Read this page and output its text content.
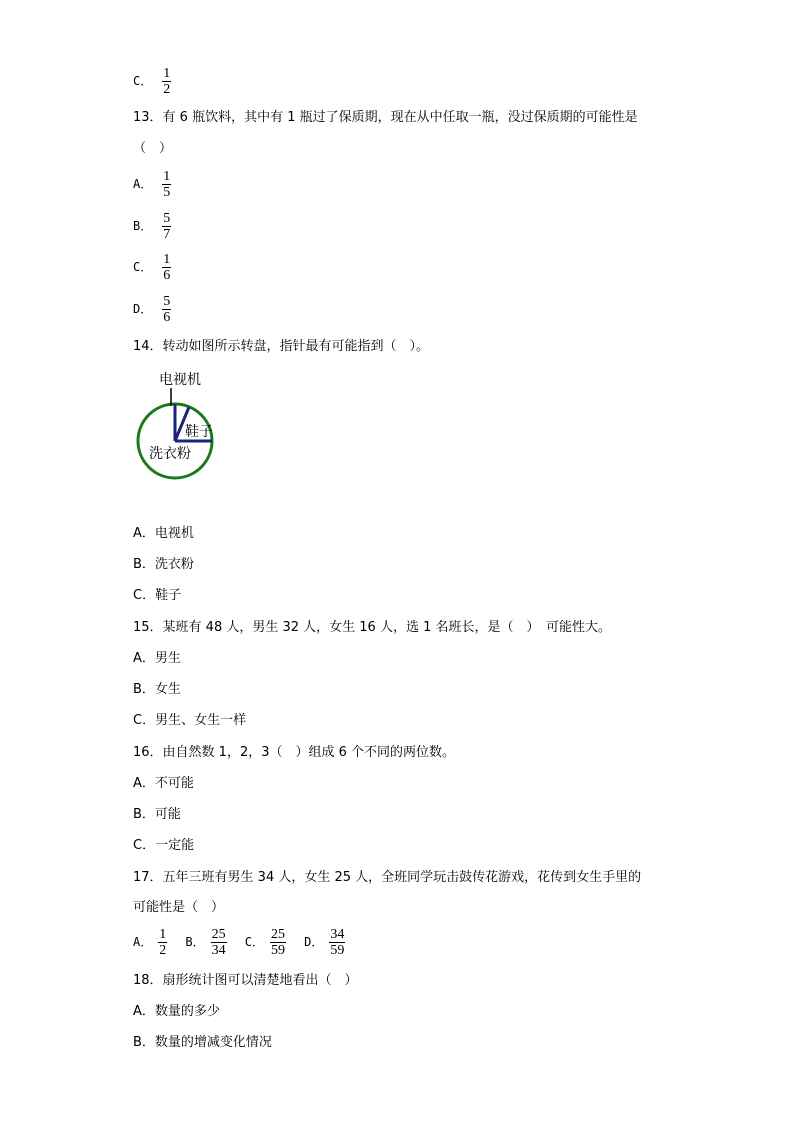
C． $\frac{1}{2}$
13．有 6 瓶饮料，其中有 1 瓶过了保质期，现在从中任取一瓶，没过保质期的可能性是
（　）
A． $\frac{1}{5}$
B． $\frac{5}{7}$
C． $\frac{1}{6}$
D． $\frac{5}{6}$
14．转动如图所示转盘，指针最有可能指到（　）。
电视机
鞋子
洗衣粉
A．电视机
B．洗衣粉
C．鞋子
15．某班有 48 人，男生 32 人，女生 16 人，选 1 名班长，是（　）　可能性大。
A．男生
B．女生
C．男生、女生一样
16．由自然数 1，2，3（　）组成 6 个不同的两位数。
A．不可能
B．可能
C．一定能
17．五年三班有男生 34 人，女生 25 人，全班同学玩击鼓传花游戏，花传到女生手里的
可能性是（　）
A． $\frac{1}{2}$ B． $\frac{25}{34}$ C． $\frac{25}{59}$ D． $\frac{34}{59}$
18．扇形统计图可以清楚地看出（　）
A．数量的多少
B．数量的增减变化情况
